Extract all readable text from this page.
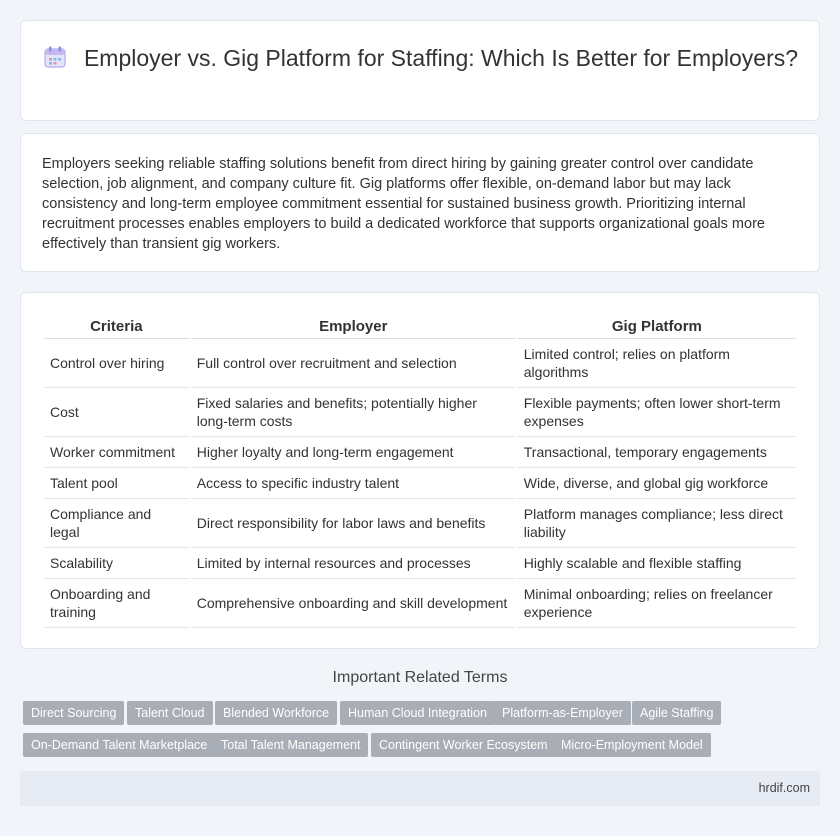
Employer vs. Gig Platform for Staffing: Which Is Better for Employers?

Employers seeking reliable staffing solutions benefit from direct hiring by gaining greater control over candidate selection, job alignment, and company culture fit. Gig platforms offer flexible, on-demand labor but may lack consistency and long-term employee commitment essential for sustained business growth. Prioritizing internal recruitment processes enables employers to build a dedicated workforce that supports organizational goals more effectively than transient gig workers.

Criteria	Employer	Gig Platform
Control over hiring	Full control over recruitment and selection	Limited control; relies on platform algorithms
Cost	Fixed salaries and benefits; potentially higher long-term costs	Flexible payments; often lower short-term expenses
Worker commitment	Higher loyalty and long-term engagement	Transactional, temporary engagements
Talent pool	Access to specific industry talent	Wide, diverse, and global gig workforce
Compliance and legal	Direct responsibility for labor laws and benefits	Platform manages compliance; less direct liability
Scalability	Limited by internal resources and processes	Highly scalable and flexible staffing
Onboarding and training	Comprehensive onboarding and skill development	Minimal onboarding; relies on freelancer experience
Important Related Terms
Direct Sourcing	Talent Cloud	Blended Workforce	Human Cloud Integration	Platform-as-Employer	Agile Staffing
On-Demand Talent Marketplace	Total Talent Management	Contingent Worker Ecosystem	Micro-Employment Model
hrdif.com
